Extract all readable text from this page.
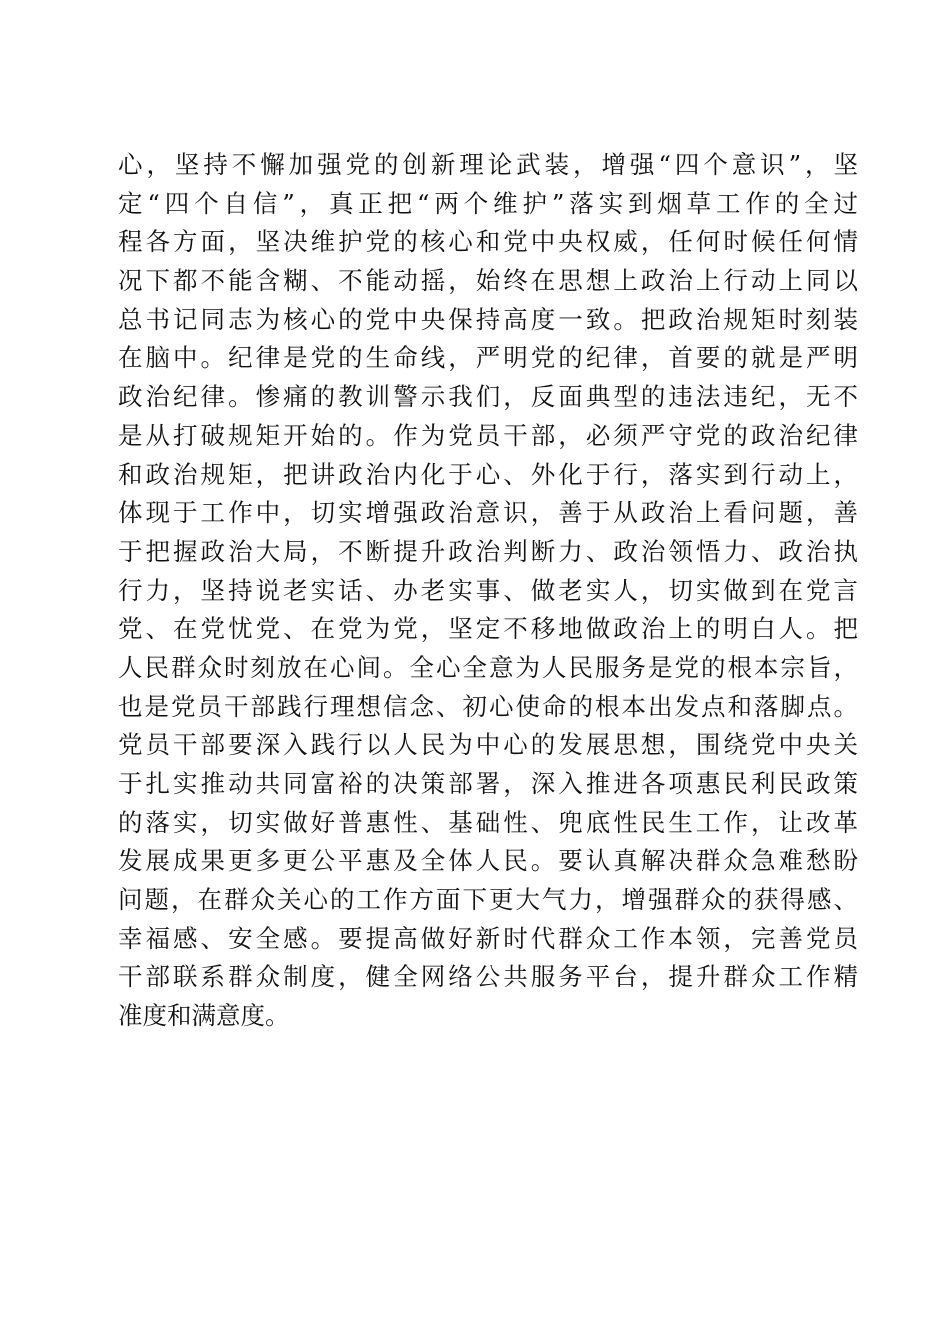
心，坚持不懈加强党的创新理论武装，增强“四个意识”，坚
定“四个自信”，真正把“两个维护”落实到烟草工作的全过
程各方面，坚决维护党的核心和党中央权威，任何时候任何情
况下都不能含糊、不能动摇，始终在思想上政治上行动上同以
总书记同志为核心的党中央保持高度一致。把政治规矩时刻装
在脑中。纪律是党的生命线，严明党的纪律，首要的就是严明
政治纪律。惨痛的教训警示我们，反面典型的违法违纪，无不
是从打破规矩开始的。作为党员干部，必须严守党的政治纪律
和政治规矩，把讲政治内化于心、外化于行，落实到行动上，
体现于工作中，切实增强政治意识，善于从政治上看问题，善
于把握政治大局，不断提升政治判断力、政治领悟力、政治执
行力，坚持说老实话、办老实事、做老实人，切实做到在党言
党、在党忧党、在党为党，坚定不移地做政治上的明白人。把
人民群众时刻放在心间。全心全意为人民服务是党的根本宗旨，
也是党员干部践行理想信念、初心使命的根本出发点和落脚点。
党员干部要深入践行以人民为中心的发展思想，围绕党中央关
于扎实推动共同富裕的决策部署，深入推进各项惠民利民政策
的落实，切实做好普惠性、基础性、兜底性民生工作，让改革
发展成果更多更公平惠及全体人民。要认真解决群众急难愁盼
问题，在群众关心的工作方面下更大气力，增强群众的获得感、
幸福感、安全感。要提高做好新时代群众工作本领，完善党员
干部联系群众制度，健全网络公共服务平台，提升群众工作精
准度和满意度。
